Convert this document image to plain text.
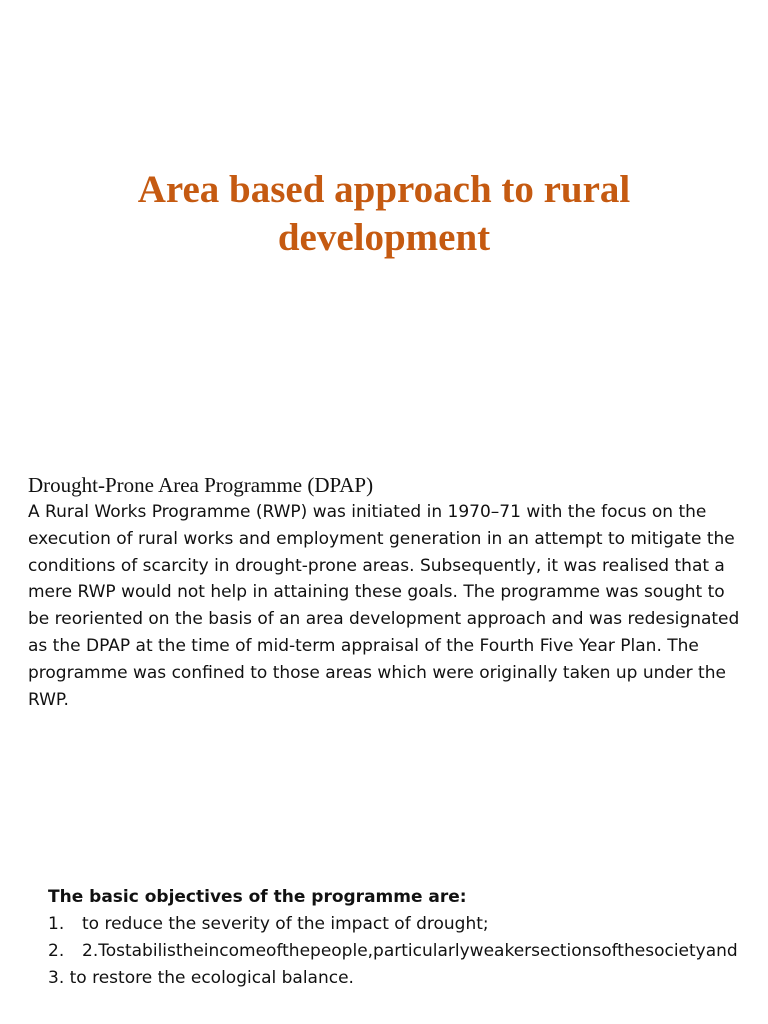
Area based approach to rural development

Drought-Prone Area Programme (DPAP)

A Rural Works Programme (RWP) was initiated in 1970–71 with the focus on the execution of rural works and employment generation in an attempt to mitigate the conditions of scarcity in drought-prone areas. Subsequently, it was realised that a mere RWP would not help in attaining these goals. The programme was sought to be reoriented on the basis of an area development approach and was redesignated as the DPAP at the time of mid-term appraisal of the Fourth Five Year Plan. The programme was confined to those areas which were originally taken up under the RWP.

The basic objectives of the programme are:

1.	to reduce the severity of the impact of drought;
2.	2.Tostabilistheincomeofthepeople,particularlyweakersectionsofthesocietyand
3. to restore the ecological balance.
